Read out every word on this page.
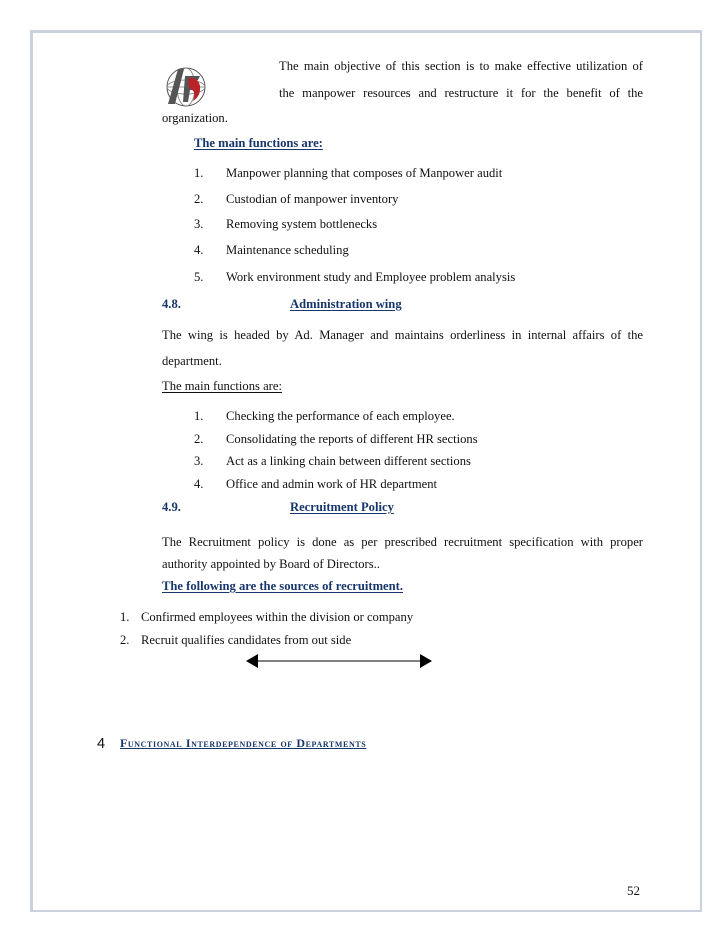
The main objective of this section is to make effective utilization of
the manpower resources and restructure it for the benefit of the
organization.
The main functions are:
1. Manpower planning that composes of Manpower audit
2. Custodian of manpower inventory
3. Removing system bottlenecks
4. Maintenance scheduling
5. Work environment study and Employee problem analysis
4.8.	Administration wing
The wing is headed by Ad. Manager and maintains orderliness in internal affairs of the
department.
The main functions are:
1. Checking the performance of each employee.
2. Consolidating the reports of different HR sections
3. Act as a linking chain between different sections
4. Office and admin work of HR department
4.9.	Recruitment Policy
The Recruitment policy is done as per prescribed recruitment specification with proper
authority appointed by Board of Directors..
The following are the sources of recruitment.
1. Confirmed employees within the division or company
2. Recruit qualifies candidates from out side
4 Functional Interdependence of Departments
52
